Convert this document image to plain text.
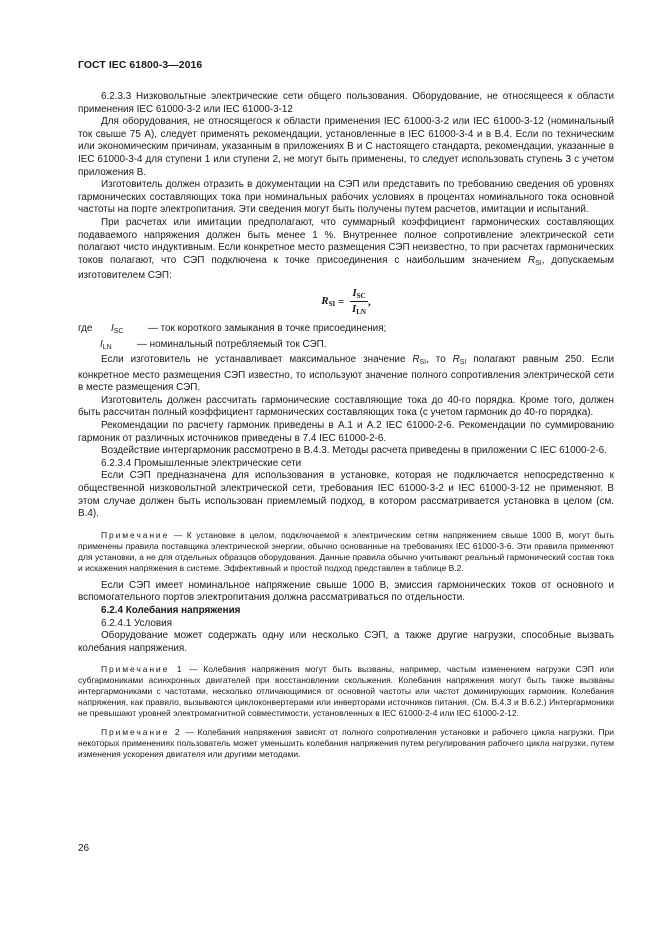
ГОСТ IEC 61800-3—2016

6.2.3.3 Низковольтные электрические сети общего пользования. Оборудование, не относящееся к области применения IEC 61000-3-2 или IEC 61000-3-12

Для оборудования, не относящегося к области применения IEC 61000-3-2 или IEC 61000-3-12 (номинальный ток свыше 75 А), следует применять рекомендации, установленные в IEC 61000-3-4 и в В.4. Если по техническим или экономическим причинам, указанным в приложениях В и С настоящего стандарта, рекомендации, указанные в IEC 61000-3-4 для ступени 1 или ступени 2, не могут быть применены, то следует использовать ступень 3 с учетом приложения В.

Изготовитель должен отразить в документации на СЭП или представить по требованию сведения об уровнях гармонических составляющих тока при номинальных рабочих условиях в процентах номинального тока основной частоты на порте электропитания. Эти сведения могут быть получены путем расчетов, имитации и испытаний.

При расчетах или имитации предполагают, что суммарный коэффициент гармонических составляющих подаваемого напряжения должен быть менее 1 %. Внутреннее полное сопротивление электрической сети полагают чисто индуктивным. Если конкретное место размещения СЭП неизвестно, то при расчетах гармонических токов полагают, что СЭП подключена к точке присоединения с наибольшим значением $R_{SI}$, допускаемым изготовителем СЭП:

$R_{SI} = \frac{I_{SC}}{I_{LN}}$ ,

где $I_{SC}$ — ток короткого замыкания в точке присоединения;

$I_{LN}$	— номинальный потребляемый ток СЭП.

Если изготовитель не устанавливает максимальное значение $R_{SI}$, то $R_{SI}$ полагают равным 250. Если конкретное место размещения СЭП известно, то используют значение полного сопротивления электрической сети в месте размещения СЭП.

Изготовитель должен рассчитать гармонические составляющие тока до 40-го порядка. Кроме того, должен быть рассчитан полный коэффициент гармонических составляющих тока (с учетом гармоник до 40-го порядка).

Рекомендации по расчету гармоник приведены в А.1 и А.2 IEC 61000-2-6. Рекомендации по суммированию гармоник от различных источников приведены в 7.4 IEC 61000-2-6.

Воздействие интергармоник рассмотрено в В.4.3. Методы расчета приведены в приложении С IEC 61000-2-6.

6.2.3.4 Промышленные электрические сети

Если СЭП предназначена для использования в установке, которая не подключается непосредственно к общественной низковольтной электрической сети, требования IEC 61000-3-2 и IEC 61000-3-12 не применяют. В этом случае должен быть использован приемлемый подход, в котором рассматривается установка в целом (см. В.4).

Примечание — К установке в целом, подключаемой к электрическим сетям напряжением свыше 1000 В, могут быть применены правила поставщика электрической энергии, обычно основанные на требованиях IEC 61000-3-6. Эти правила применяют для установки, а не для отдельных образцов оборудования. Данные правила обычно учитывают реальный гармонический состав тока и искажения напряжения в системе. Эффективный и простой подход представлен в таблице В.2.

Если СЭП имеет номинальное напряжение свыше 1000 В, эмиссия гармонических токов от основного и вспомогательного портов электропитания должна рассматриваться по отдельности.

6.2.4 Колебания напряжения

6.2.4.1 Условия

Оборудование может содержать одну или несколько СЭП, а также другие нагрузки, способные вызвать колебания напряжения.

Примечание 1 — Колебания напряжения могут быть вызваны, например, частым изменением нагрузки СЭП или субгармониками асинхронных двигателей при восстановлении скольжения. Колебания напряжения могут быть также вызваны интергармониками с частотами, несколько отличающимися от основной частоты или частот доминирующих гармоник. Колебания напряжения, как правило, вызываются циклоконвертерами или инверторами источников питания. (См. В.4.3 и В.6.2.) Интергармоники не превышают уровней электромагнитной совместимости, установленных в IEC 61000-2-4 или IEC 61000-2-12.

Примечание 2 — Колебания напряжения зависят от полного сопротивления установки и рабочего цикла нагрузки. При некоторых применениях пользователь может уменьшить колебания напряжения путем регулирования рабочего цикла нагрузки, путем изменения ускорения двигателя или другими методами.

26
